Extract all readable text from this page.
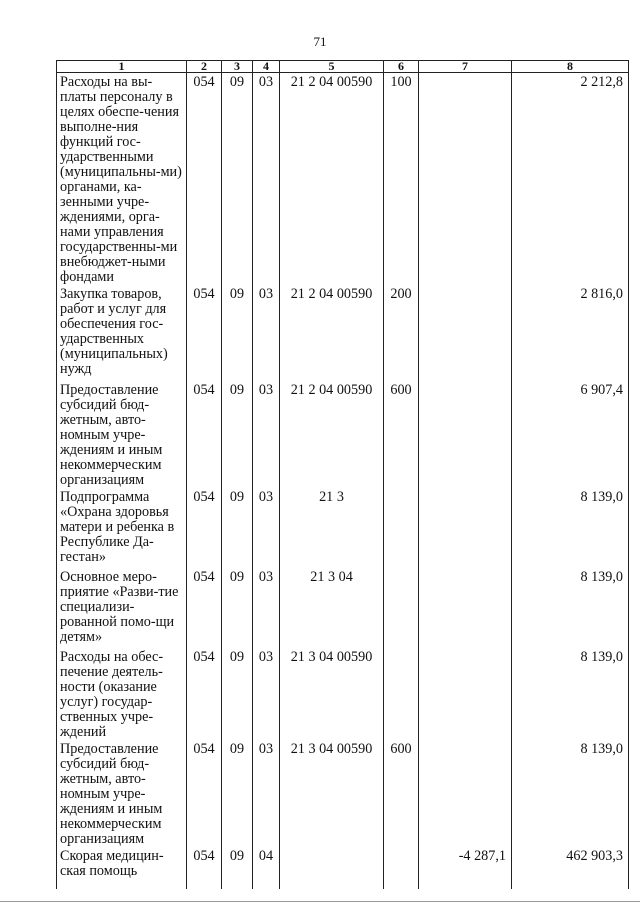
71
1	2	3	4	5	6	7	8
Расходы на вы-платы персоналу в целях обеспе-чения выполне-ния функций гос-ударственными (муниципальны-ми) органами, ка-зенными учре-ждениями, орга-нами управления государственны-ми внебюджет-ными фондами	054	09	03	21 2 04 00590	100		2 212,8
Закупка товаров, работ и услуг для обеспечения гос-ударственных (муниципальных) нужд	054	09	03	21 2 04 00590	200		2 816,0
Предоставление субсидий бюд-жетным, авто-номным учре-ждениям и иным некоммерческим организациям	054	09	03	21 2 04 00590	600		6 907,4
Подпрограмма «Охрана здоровья матери и ребенка в Республике Да-гестан»	054	09	03	21 3			8 139,0
Основное меро-приятие «Разви-тие специализи-рованной помо-щи детям»	054	09	03	21 3 04			8 139,0
Расходы на обес-печение деятель-ности (оказание услуг) государ-ственных учре-ждений	054	09	03	21 3 04 00590			8 139,0
Предоставление субсидий бюд-жетным, авто-номным учре-ждениям и иным некоммерческим организациям	054	09	03	21 3 04 00590	600		8 139,0
Скорая медицин-ская помощь	054	09	04			-4 287,1	462 903,3
